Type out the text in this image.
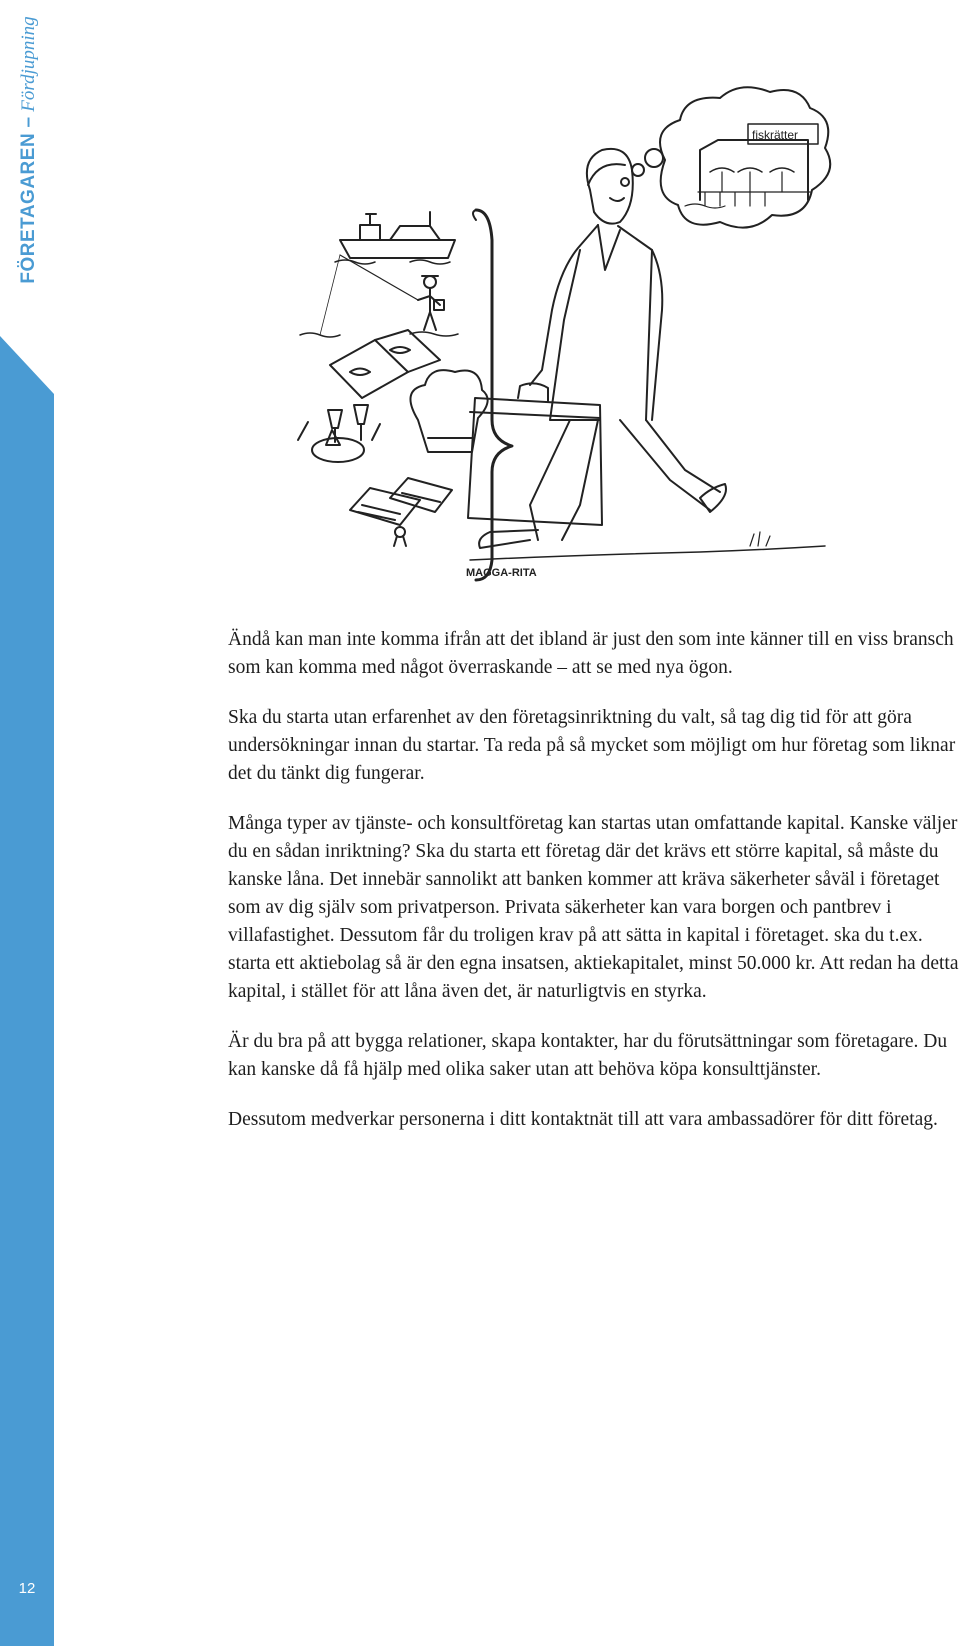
FÖRETAGAREN – Fördjupning
12
fiskrätter
MAGGA-RITA

Ändå kan man inte komma ifrån att det ibland är just den som inte känner till en viss bransch som kan komma med något överraskande – att se med nya ögon.

Ska du starta utan erfarenhet av den företagsinriktning du valt, så tag dig tid för att göra undersökningar innan du startar. Ta reda på så mycket som möjligt om hur företag som liknar det du tänkt dig fungerar.

Många typer av tjänste- och konsultföretag kan startas utan omfattande kapital. Kanske väljer du en sådan inriktning? Ska du starta ett företag där det krävs ett större kapital, så måste du kanske låna. Det innebär sannolikt att banken kommer att kräva säkerheter såväl i företaget som av dig själv som privatperson. Privata säkerheter kan vara borgen och pantbrev i villafastighet. Dessutom får du troligen krav på att sätta in kapital i företaget. ska du t.ex. starta ett aktiebolag så är den egna insatsen, aktiekapitalet, minst 50.000 kr. Att redan ha detta kapital, i stället för att låna även det, är naturligtvis en styrka.

Är du bra på att bygga relationer, skapa kontakter, har du förutsättningar som företagare. Du kan kanske då få hjälp med olika saker utan att behöva köpa konsulttjänster.

Dessutom medverkar personerna i ditt kontaktnät till att vara ambassadörer för ditt företag.
